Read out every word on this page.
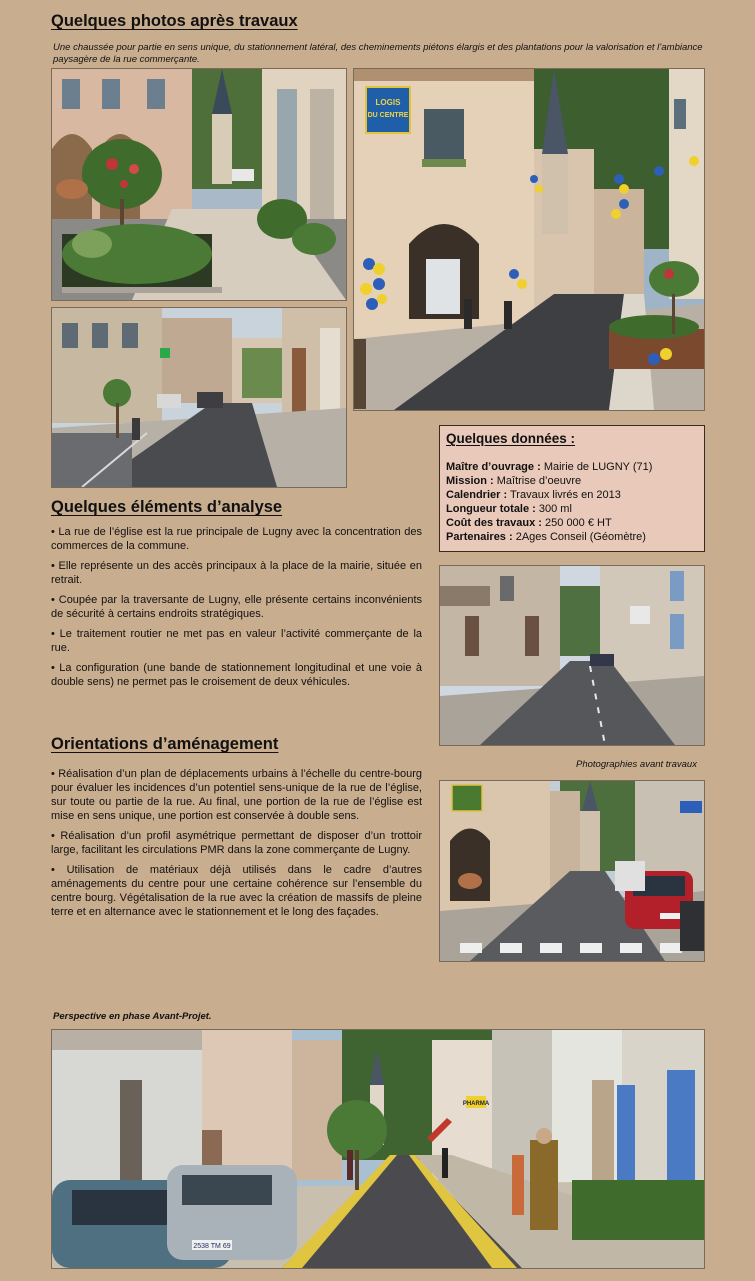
Quelques photos après travaux
Une chaussée pour partie en sens unique, du stationnement latéral, des cheminements piétons élargis et des plantations pour la valorisation et l’ambiance paysagère de la rue commerçante.
LOGIS
DU CENTRE
Quelques données :
Maître d’ouvrage : Mairie de LUGNY (71)
Mission : Maîtrise d’oeuvre
Calendrier : Travaux livrés en 2013
Longueur totale : 300 ml
Coût des travaux : 250 000 € HT
Partenaires : 2Ages Conseil (Géomètre)
Quelques éléments d’analyse

• La rue de l’église est la rue principale de Lugny avec la concentration des commerces de la commune.

• Elle représente un des accès principaux à la place de la mairie, située en retrait.

• Coupée par la traversante de Lugny, elle présente certains inconvénients de sécurité à certains endroits stratégiques.

• Le traitement routier ne met pas en valeur l’activité commerçante de la rue.

• La configuration (une bande de stationnement longitudinal et une voie à double sens) ne permet pas le croisement de deux véhicules.

Orientations d’aménagement

• Réalisation d’un plan de déplacements urbains à l’échelle du centre-bourg pour évaluer les incidences d’un potentiel sens-unique de la rue de l’église, sur toute ou partie de la rue. Au final, une portion de la rue de l’église est mise en sens unique, une portion est conservée à double sens.

• Réalisation d’un profil asymétrique permettant de disposer d’un trottoir large, facilitant les circulations PMR dans la zone commerçante de Lugny.

• Utilisation de matériaux déjà utilisés dans le cadre d’autres aménagements du centre pour une certaine cohérence sur l’ensemble du centre bourg. Végétalisation de la rue avec la création de massifs de pleine terre et en alternance avec le stationnement et le long des façades.

Photographies avant travaux
Perspective en phase Avant-Projet.
PHARMA
2538 TM 69
